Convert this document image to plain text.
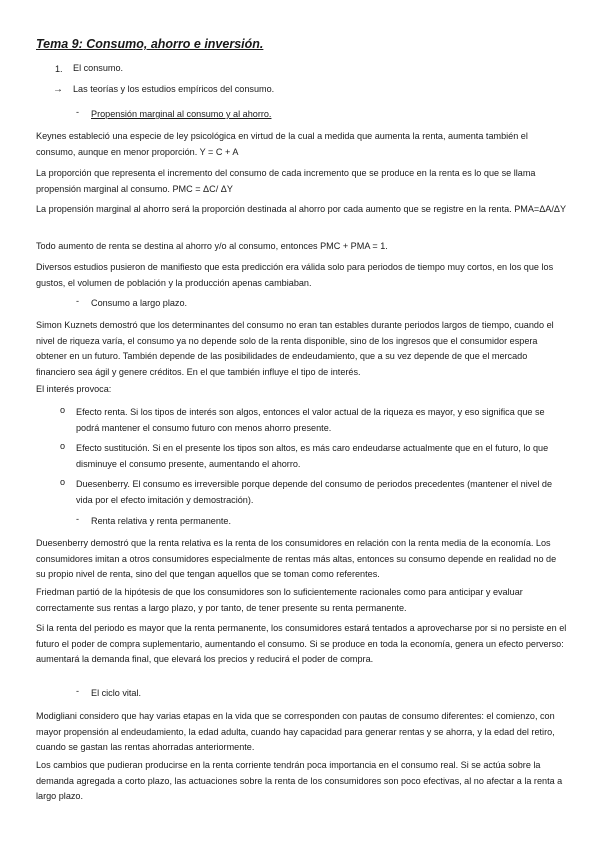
Tema 9: Consumo, ahorro e inversión.
1. El consumo.
→ Las teorías y los estudios empíricos del consumo.
- Propensión marginal al consumo y al ahorro.

Keynes estableció una especie de ley psicológica en virtud de la cual a medida que aumenta la renta, aumenta también el consumo, aunque en menor proporción. Y = C + A

La proporción que representa el incremento del consumo de cada incremento que se produce en la renta es lo que se llama propensión marginal al consumo. PMC = ΔC/ ΔY

La propensión marginal al ahorro será la proporción destinada al ahorro por cada aumento que se registre en la renta. PMA=ΔA/ΔY

Todo aumento de renta se destina al ahorro y/o al consumo, entonces PMC + PMA = 1.

Diversos estudios pusieron de manifiesto que esta predicción era válida solo para periodos de tiempo muy cortos, en los que los gustos, el volumen de población y la producción apenas cambiaban.

- Consumo a largo plazo.

Simon Kuznets demostró que los determinantes del consumo no eran tan estables durante periodos largos de tiempo, cuando el nivel de riqueza varía, el consumo ya no depende solo de la renta disponible, sino de los ingresos que el consumidor espera obtener en un futuro. También depende de las posibilidades de endeudamiento, que a su vez depende de que el mercado financiero sea ágil y genere créditos. En el que también influye el tipo de interés.

El interés provoca:

o Efecto renta. Si los tipos de interés son algos, entonces el valor actual de la riqueza es mayor, y eso significa que se podrá mantener el consumo futuro con menos ahorro presente.

o Efecto sustitución. Si en el presente los tipos son altos, es más caro endeudarse actualmente que en el futuro, lo que disminuye el consumo presente, aumentando el ahorro.

o Duesenberry. El consumo es irreversible porque depende del consumo de periodos precedentes (mantener el nivel de vida por el efecto imitación y demostración).

- Renta relativa y renta permanente.

Duesenberry demostró que la renta relativa es la renta de los consumidores en relación con la renta media de la economía. Los consumidores imitan a otros consumidores especialmente de rentas más altas, entonces su consumo depende en realidad no de su propio nivel de renta, sino del que tengan aquellos que se toman como referentes.

Friedman partió de la hipótesis de que los consumidores son lo suficientemente racionales como para anticipar y evaluar correctamente sus rentas a largo plazo, y por tanto, de tener presente su renta permanente.

Si la renta del periodo es mayor que la renta permanente, los consumidores estará tentados a aprovecharse por si no persiste en el futuro el poder de compra suplementario, aumentando el consumo. Si se produce en toda la economía, genera un efecto perverso: aumentará la demanda final, que elevará los precios y reducirá el poder de compra.

- El ciclo vital.

Modigliani considero que hay varias etapas en la vida que se corresponden con pautas de consumo diferentes: el comienzo, con mayor propensión al endeudamiento, la edad adulta, cuando hay capacidad para generar rentas y se ahorra, y la edad del retiro, cuando se gastan las rentas ahorradas anteriormente.

Los cambios que pudieran producirse en la renta corriente tendrán poca importancia en el consumo real. Si se actúa sobre la demanda agregada a corto plazo, las actuaciones sobre la renta de los consumidores son poco efectivas, al no afectar a la renta a largo plazo.
